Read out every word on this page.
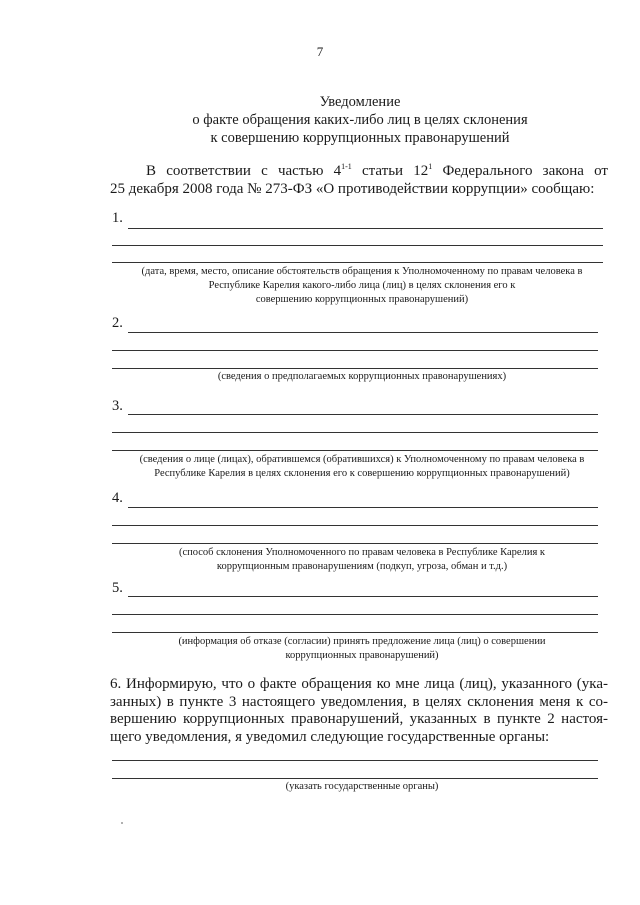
7
Уведомление
о факте обращения каких-либо лиц в целях склонения
к совершению коррупционных правонарушений
В соответствии с частью 4$^{1-1}$ статьи $12^1$ Федерального закона от
25 декабря 2008 года № 273-ФЗ «О противодействии коррупции» сообщаю:
1.
(дата, время, место, описание обстоятельств обращения к Уполномоченному по правам человека в
Республике Карелия какого-либо лица (лиц) в целях склонения его к
совершению коррупционных правонарушений)
2.
(сведения о предполагаемых коррупционных правонарушениях)
3.
(сведения о лице (лицах), обратившемся (обратившихся) к Уполномоченному по правам человека в
Республике Карелия в целях склонения его к совершению коррупционных правонарушений)
4.
(способ склонения Уполномоченного по правам человека в Республике Карелия к
коррупционным правонарушениям (подкуп, угроза, обман и т.д.)
5.
(информация об отказе (согласии) принять предложение лица (лиц) о совершении
коррупционных правонарушений)
6. Информирую, что о факте обращения ко мне лица (лиц), указанного (ука-
занных) в пункте 3 настоящего уведомления, в целях склонения меня к со-
вершению коррупционных правонарушений, указанных в пункте 2 настоя-
щего уведомления, я уведомил следующие государственные органы:
(указать государственные органы)
